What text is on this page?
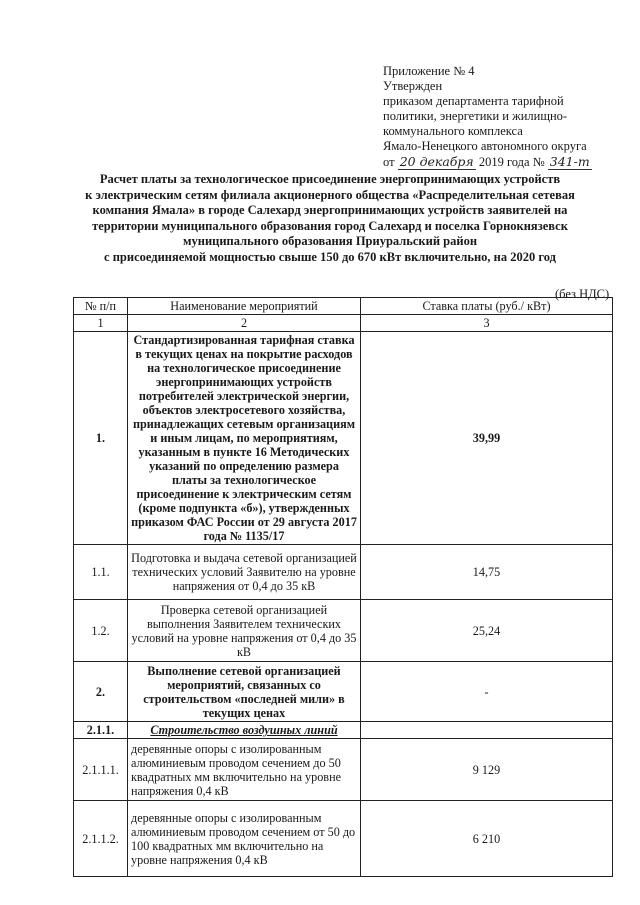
Приложение № 4
Утвержден
приказом департамента тарифной
политики, энергетики и жилищно-
коммунального комплекса
Ямало-Ненецкого автономного округа
от 20 декабря 2019 года № 341-т
Расчет платы за технологическое присоединение энергопринимающих устройств
к электрическим сетям филиала акционерного общества «Распределительная сетевая
компания Ямала» в городе Салехард энергопринимающих устройств заявителей на
территории муниципального образования город Салехард и поселка Горнокнязевск
муниципального образования Приуральский район
с присоединяемой мощностью свыше 150 до 670 кВт включительно, на 2020 год
(без НДС)
№ п/п	Наименование мероприятий	Ставка платы (руб./ кВт)
1	2	3
1.	Стандартизированная тарифная ставка в текущих ценах на покрытие расходов на технологическое присоединение энергопринимающих устройств потребителей электрической энергии, объектов электросетевого хозяйства, принадлежащих сетевым организациям и иным лицам, по мероприятиям, указанным в пункте 16 Методических указаний по определению размера платы за технологическое присоединение к электрическим сетям (кроме подпункта «б»), утвержденных приказом ФАС России от 29 августа 2017 года № 1135/17	39,99
1.1.	Подготовка и выдача сетевой организацией технических условий Заявителю на уровне напряжения от 0,4 до 35 кВ	14,75
1.2.	Проверка сетевой организацией выполнения Заявителем технических условий на уровне напряжения от 0,4 до 35 кВ	25,24
2.	Выполнение сетевой организацией мероприятий, связанных со строительством «последней мили» в текущих ценах	-
2.1.1.	Строительство воздушных линий	
2.1.1.1.	деревянные опоры с изолированным алюминиевым проводом сечением до 50 квадратных мм включительно на уровне напряжения 0,4 кВ	9 129
2.1.1.2.	деревянные опоры с изолированным алюминиевым проводом сечением от 50 до 100 квадратных мм включительно на уровне напряжения 0,4 кВ	6 210
